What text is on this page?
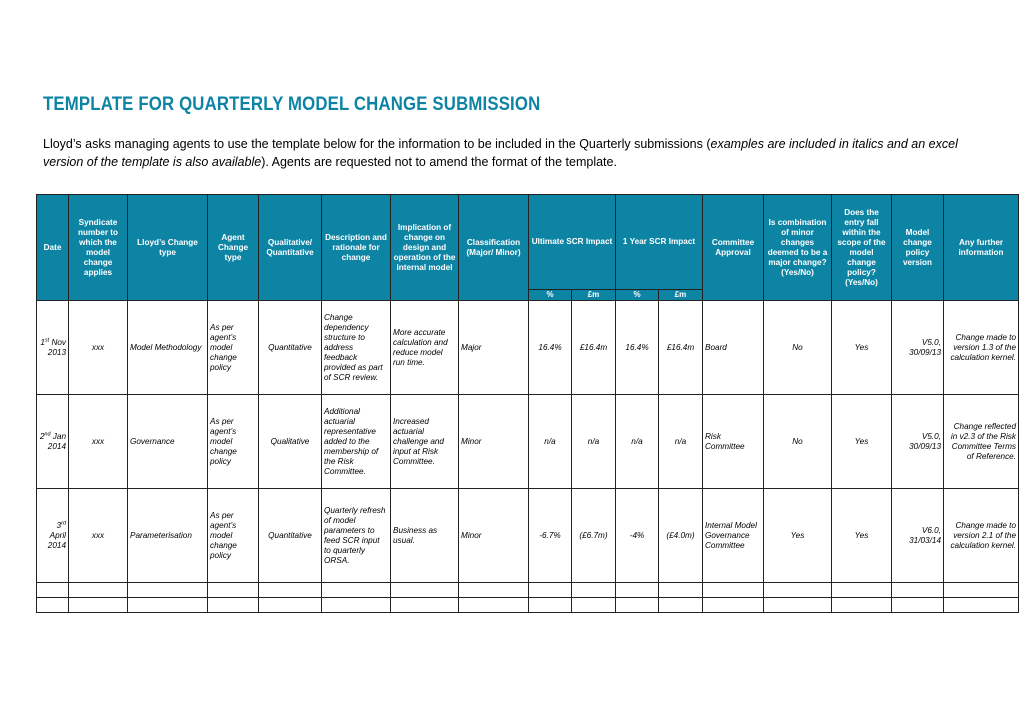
TEMPLATE FOR QUARTERLY MODEL CHANGE SUBMISSION

Lloyd’s asks managing agents to use the template below for the information to be included in the Quarterly submissions (examples are included in italics and an excel version of the template is also available). Agents are requested not to amend the format of the template.

Date	Syndicate number to which the model change applies	Lloyd’s Change type	Agent Change type	Qualitative/ Quantitative	Description and rationale for change	Implication of change on design and operation of the internal model	Classification (Major/ Minor)	Ultimate SCR Impact		1 Year SCR Impact		Committee Approval	Is combination of minor changes deemed to be a major change? (Yes/No)	Does the entry fall within the scope of the model change policy? (Yes/No)	Model change policy version	Any further information
								%	£m	%	£m					
1st Nov 2013	xxx	Model Methodology	As per agent’s model change policy	Quantitative	Change dependency structure to address feedback provided as part of SCR review.	More accurate calculation and reduce model run time.	Major	16.4%	£16.4m	16.4%	£16.4m	Board	No	Yes	V5.0, 30/09/13	Change made to version 1.3 of the calculation kernel.
2nd Jan 2014	xxx	Governance	As per agent’s model change policy	Qualitative	Additional actuarial representative added to the membership of the Risk Committee.	Increased actuarial challenge and input at Risk Committee.	Minor	n/a	n/a	n/a	n/a	Risk Committee	No	Yes	V5.0, 30/09/13	Change reflected in v2.3 of the Risk Committee Terms of Reference.
3rd April 2014	xxx	Parameterisation	As per agent’s model change policy	Quantitative	Quarterly refresh of model parameters to feed SCR input to quarterly ORSA.	Business as usual.	Minor	-6.7%	(£6.7m)	-4%	(£4.0m)	Internal Model Governance Committee	Yes	Yes	V6.0, 31/03/14	Change made to version 2.1 of the calculation kernel.
